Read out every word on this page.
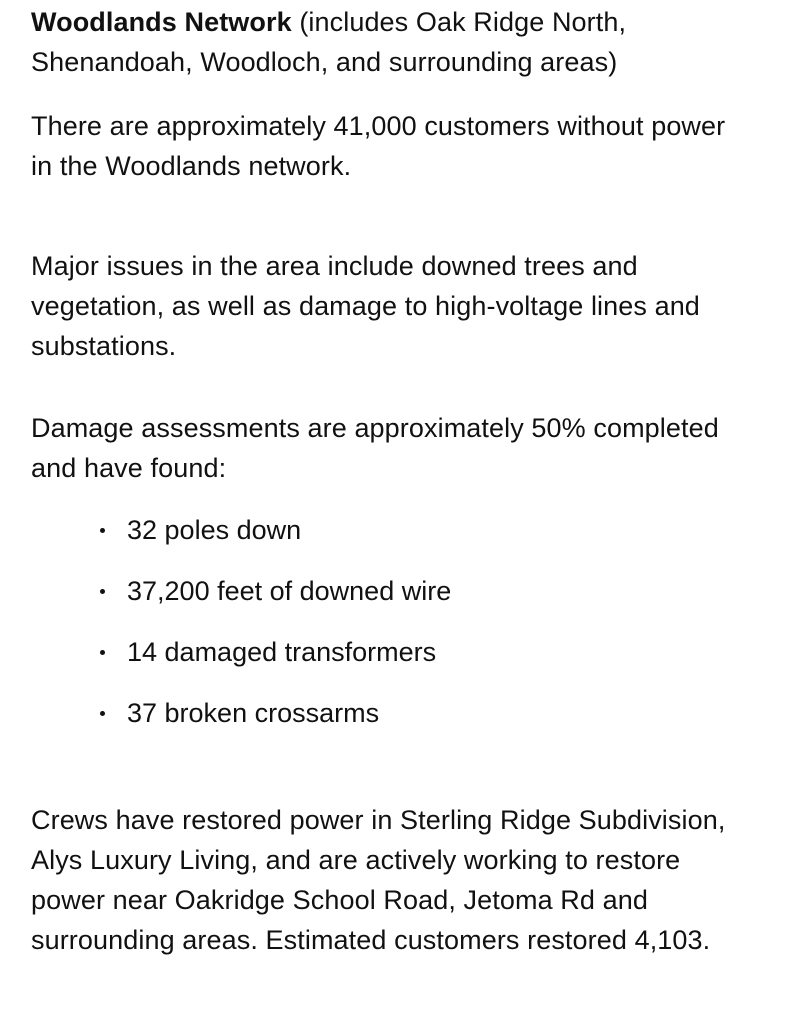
Woodlands Network (includes Oak Ridge North, Shenandoah, Woodloch, and surrounding areas)

There are approximately 41,000 customers without power in the Woodlands network.

Major issues in the area include downed trees and vegetation, as well as damage to high-voltage lines and substations.

Damage assessments are approximately 50% completed and have found:

32 poles down
37,200 feet of downed wire
14 damaged transformers
37 broken crossarms

Crews have restored power in Sterling Ridge Subdivision, Alys Luxury Living, and are actively working to restore power near Oakridge School Road, Jetoma Rd and surrounding areas. Estimated customers restored 4,103.
